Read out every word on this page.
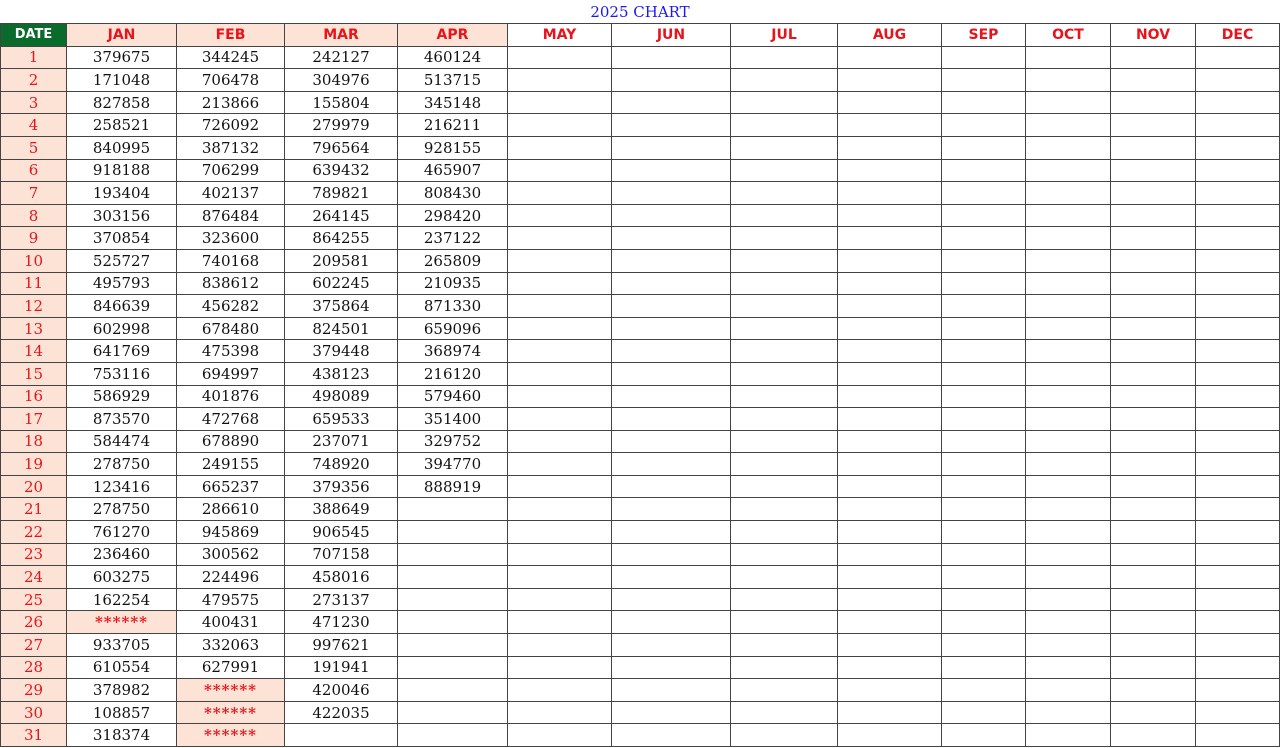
2025 CHART
DATE	JAN	FEB	MAR	APR	MAY	JUN	JUL	AUG	SEP	OCT	NOV	DEC
1	379675	344245	242127	460124								
2	171048	706478	304976	513715								
3	827858	213866	155804	345148								
4	258521	726092	279979	216211								
5	840995	387132	796564	928155								
6	918188	706299	639432	465907								
7	193404	402137	789821	808430								
8	303156	876484	264145	298420								
9	370854	323600	864255	237122								
10	525727	740168	209581	265809								
11	495793	838612	602245	210935								
12	846639	456282	375864	871330								
13	602998	678480	824501	659096								
14	641769	475398	379448	368974								
15	753116	694997	438123	216120								
16	586929	401876	498089	579460								
17	873570	472768	659533	351400								
18	584474	678890	237071	329752								
19	278750	249155	748920	394770								
20	123416	665237	379356	888919								
21	278750	286610	388649									
22	761270	945869	906545									
23	236460	300562	707158									
24	603275	224496	458016									
25	162254	479575	273137									
26	******	400431	471230									
27	933705	332063	997621									
28	610554	627991	191941									
29	378982	******	420046									
30	108857	******	422035									
31	318374	******										
